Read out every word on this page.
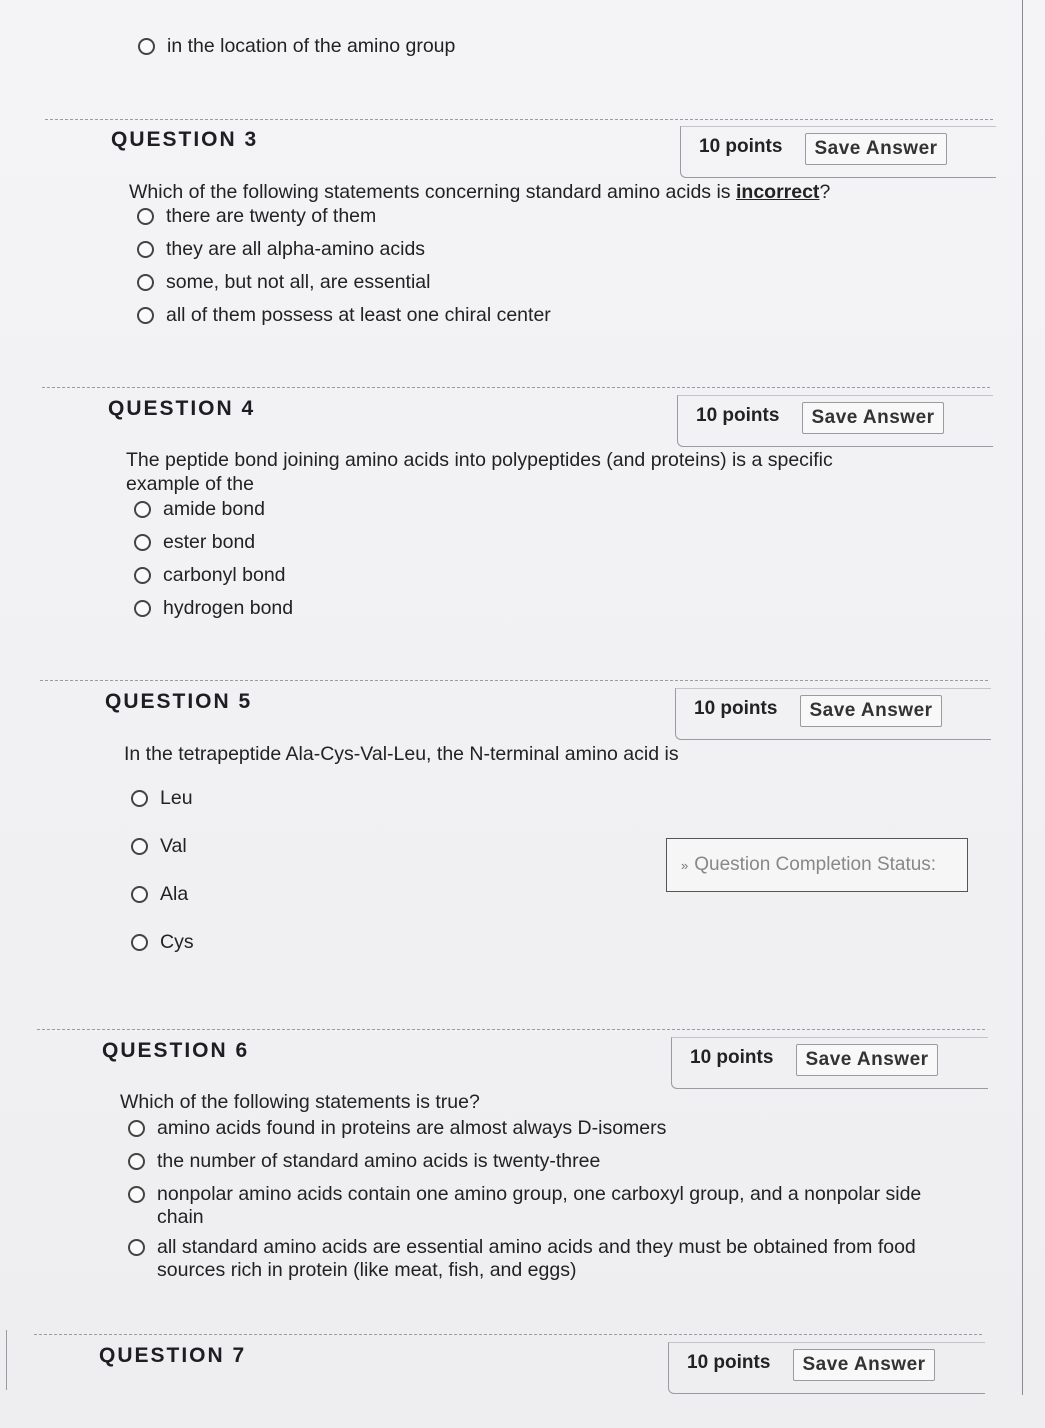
in the location of the amino group
QUESTION 3	10 points	Save Answer
Which of the following statements concerning standard amino acids is incorrect?
there are twenty of them
they are all alpha-amino acids
some, but not all, are essential
all of them possess at least one chiral center
QUESTION 4	10 points	Save Answer
The peptide bond joining amino acids into polypeptides (and proteins) is a specific example of the
amide bond
ester bond
carbonyl bond
hydrogen bond
QUESTION 5	10 points	Save Answer
In the tetrapeptide Ala-Cys-Val-Leu, the N-terminal amino acid is
Leu
Val
Ala
Cys
» Question Completion Status:
QUESTION 6	10 points	Save Answer
Which of the following statements is true?
amino acids found in proteins are almost always D-isomers
the number of standard amino acids is twenty-three
nonpolar amino acids contain one amino group, one carboxyl group, and a nonpolar side chain
all standard amino acids are essential amino acids and they must be obtained from food sources rich in protein (like meat, fish, and eggs)
QUESTION 7	10 points	Save Answer
